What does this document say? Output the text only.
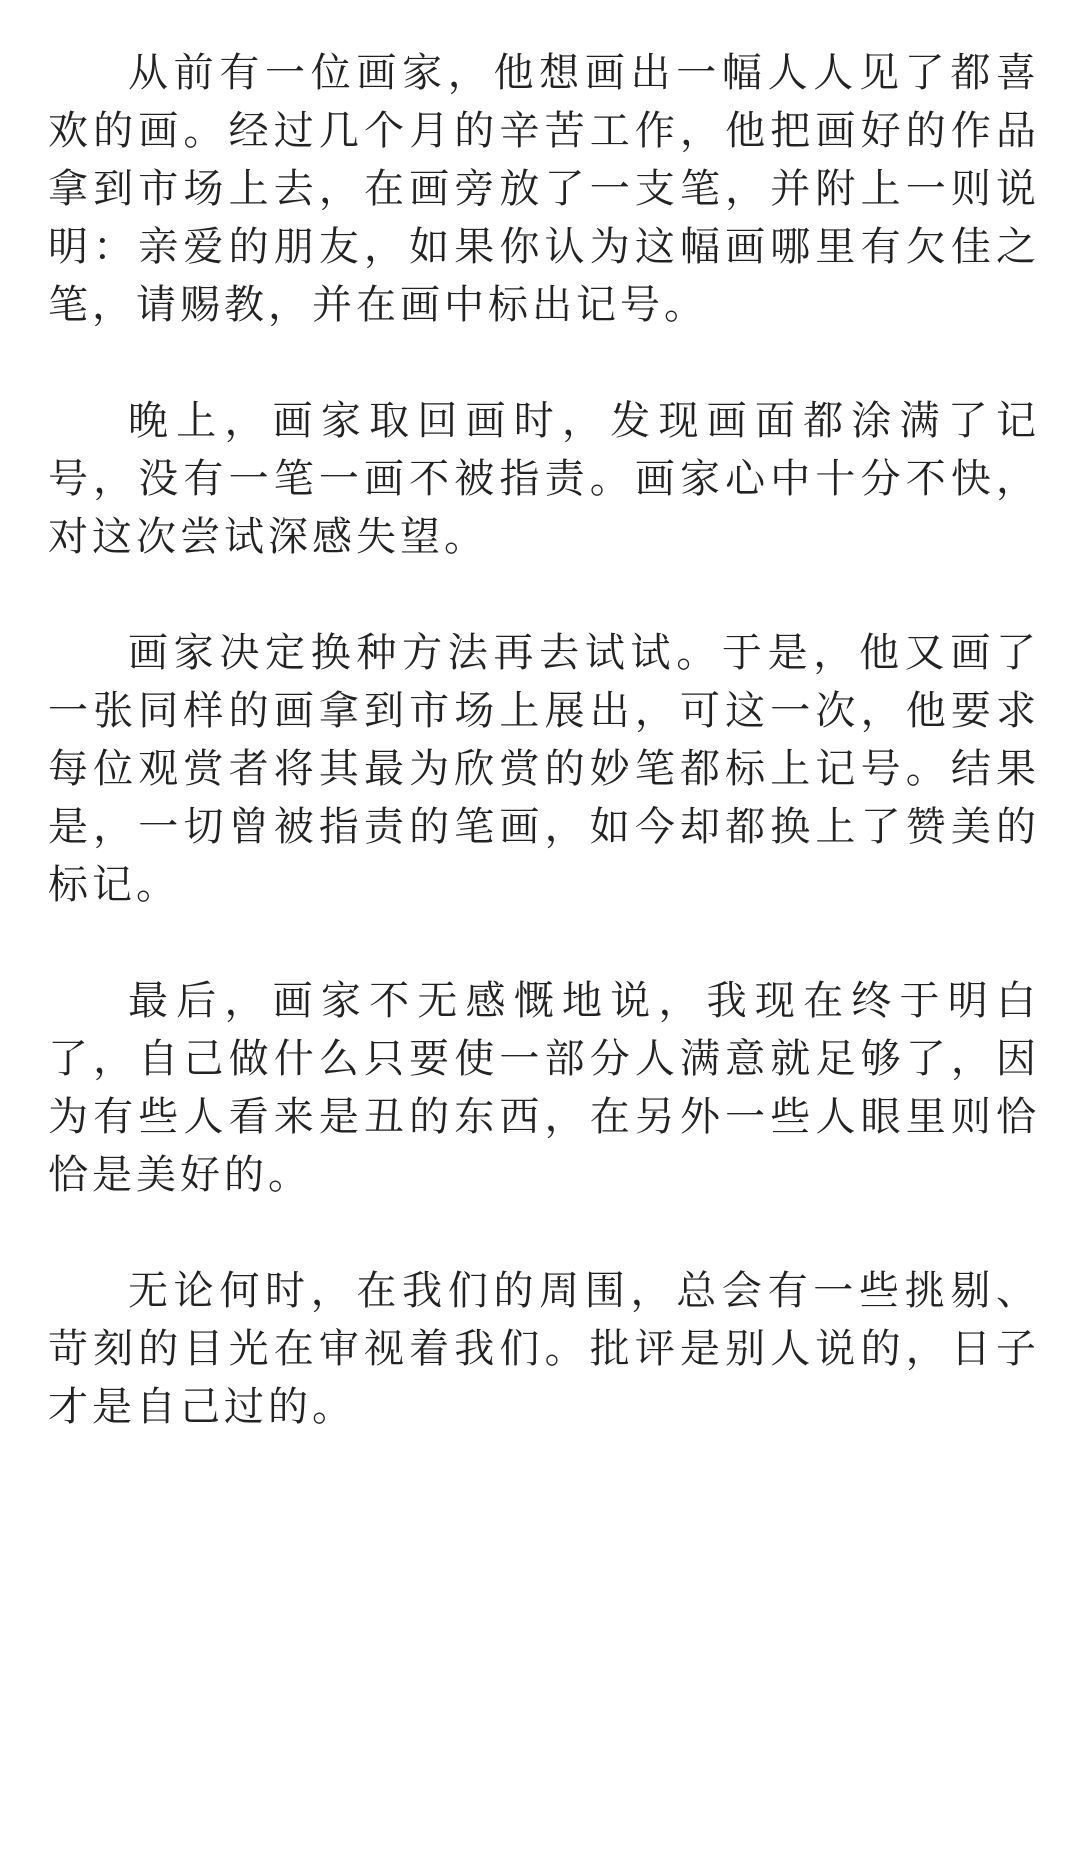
从前有一位画家，他想画出一幅人人见了都喜欢的画。经过几个月的辛苦工作，他把画好的作品拿到市场上去，在画旁放了一支笔，并附上一则说明：亲爱的朋友，如果你认为这幅画哪里有欠佳之笔，请赐教，并在画中标出记号。

晚上，画家取回画时，发现画面都涂满了记号，没有一笔一画不被指责。画家心中十分不快，对这次尝试深感失望。

画家决定换种方法再去试试。于是，他又画了一张同样的画拿到市场上展出，可这一次，他要求每位观赏者将其最为欣赏的妙笔都标上记号。结果是，一切曾被指责的笔画，如今却都换上了赞美的标记。

最后，画家不无感慨地说，我现在终于明白了，自己做什么只要使一部分人满意就足够了，因为有些人看来是丑的东西，在另外一些人眼里则恰恰是美好的。

无论何时，在我们的周围，总会有一些挑剔、苛刻的目光在审视着我们。批评是别人说的，日子才是自己过的。
